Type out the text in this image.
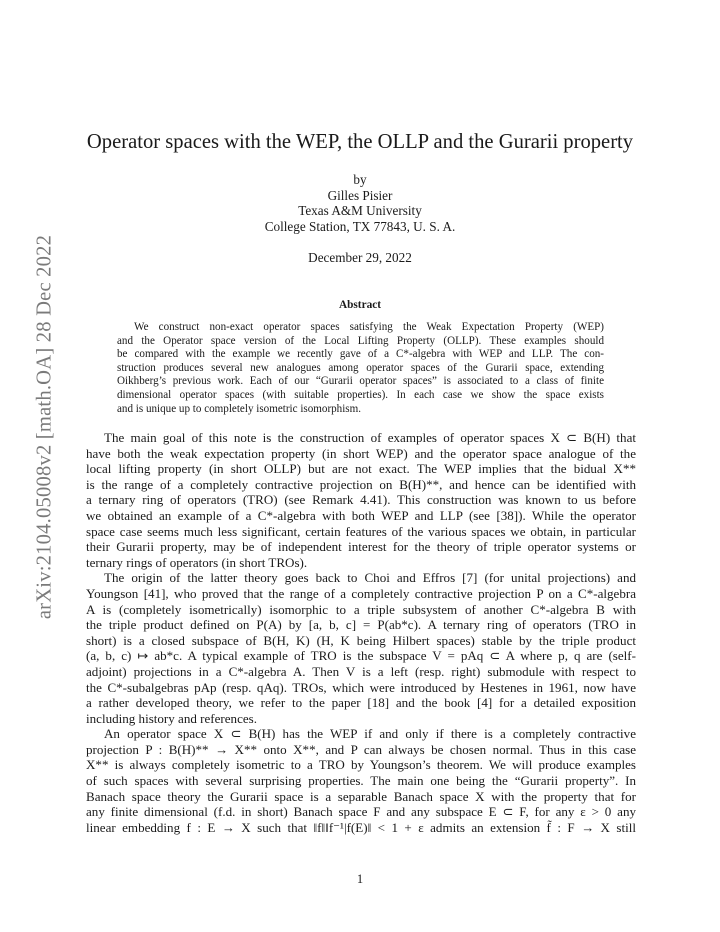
arXiv:2104.05008v2 [math.OA] 28 Dec 2022
Operator spaces with the WEP, the OLLP and the Gurarii property
by
Gilles Pisier
Texas A&M University
College Station, TX 77843, U. S. A.
December 29, 2022
Abstract
We construct non-exact operator spaces satisfying the Weak Expectation Property (WEP)
and the Operator space version of the Local Lifting Property (OLLP). These examples should
be compared with the example we recently gave of a C*-algebra with WEP and LLP. The con-
struction produces several new analogues among operator spaces of the Gurarii space, extending
Oikhberg’s previous work. Each of our “Gurarii operator spaces” is associated to a class of finite
dimensional operator spaces (with suitable properties). In each case we show the space exists
and is unique up to completely isometric isomorphism.
The main goal of this note is the construction of examples of operator spaces X ⊂ B(H) that
have both the weak expectation property (in short WEP) and the operator space analogue of the
local lifting property (in short OLLP) but are not exact. The WEP implies that the bidual X**
is the range of a completely contractive projection on B(H)**, and hence can be identified with
a ternary ring of operators (TRO) (see Remark 4.41). This construction was known to us before
we obtained an example of a C*-algebra with both WEP and LLP (see [38]). While the operator
space case seems much less significant, certain features of the various spaces we obtain, in particular
their Gurarii property, may be of independent interest for the theory of triple operator systems or
ternary rings of operators (in short TROs).
The origin of the latter theory goes back to Choi and Effros [7] (for unital projections) and
Youngson [41], who proved that the range of a completely contractive projection P on a C*-algebra
A is (completely isometrically) isomorphic to a triple subsystem of another C*-algebra B with
the triple product defined on P(A) by [a, b, c] = P(ab*c). A ternary ring of operators (TRO in
short) is a closed subspace of B(H, K) (H, K being Hilbert spaces) stable by the triple product
(a, b, c) ↦ ab*c. A typical example of TRO is the subspace V = pAq ⊂ A where p, q are (self-
adjoint) projections in a C*-algebra A. Then V is a left (resp. right) submodule with respect to
the C*-subalgebras pAp (resp. qAq). TROs, which were introduced by Hestenes in 1961, now have
a rather developed theory, we refer to the paper [18] and the book [4] for a detailed exposition
including history and references.
An operator space X ⊂ B(H) has the WEP if and only if there is a completely contractive
projection P : B(H)** → X** onto X**, and P can always be chosen normal. Thus in this case
X** is always completely isometric to a TRO by Youngson’s theorem. We will produce examples
of such spaces with several surprising properties. The main one being the “Gurarii property”. In
Banach space theory the Gurarii space is a separable Banach space X with the property that for
any finite dimensional (f.d. in short) Banach space F and any subspace E ⊂ F, for any ε > 0 any
linear embedding f : E → X such that ‖f‖‖f⁻¹|f(E)‖ < 1 + ε admits an extension f̃ : F → X still
1
